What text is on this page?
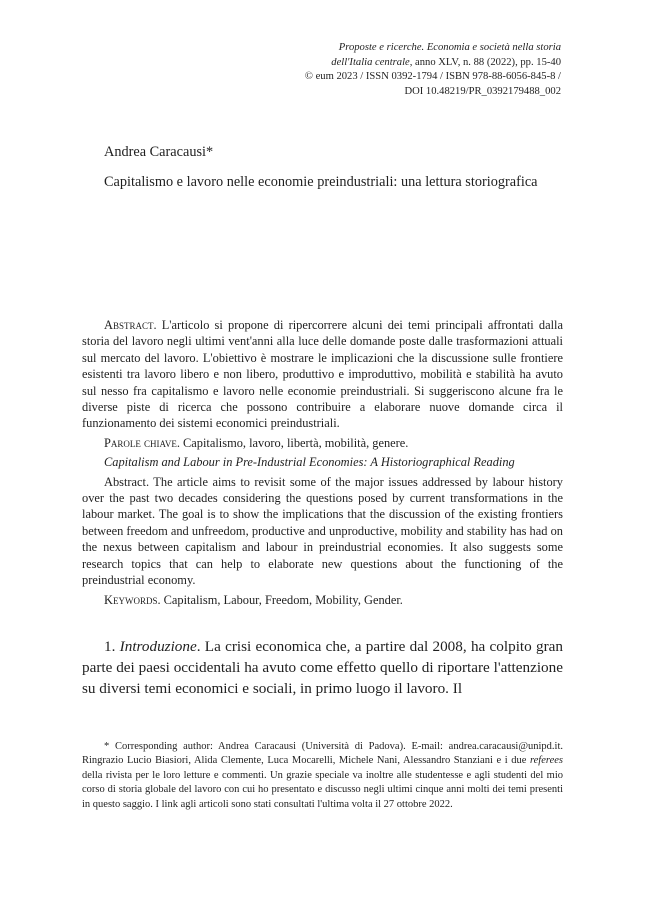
Proposte e ricerche. Economia e società nella storia
dell'Italia centrale, anno XLV, n. 88 (2022), pp. 15-40
© eum 2023 / ISSN 0392-1794 / ISBN 978-88-6056-845-8 /
DOI 10.48219/PR_0392179488_002
Andrea Caracausi*
Capitalismo e lavoro nelle economie preindustriali: una lettura storiografica

Abstract. L'articolo si propone di ripercorrere alcuni dei temi principali affrontati dalla storia del lavoro negli ultimi vent'anni alla luce delle domande poste dalle trasformazioni attuali sul mercato del lavoro. L'obiettivo è mostrare le implicazioni che la discussione sulle frontiere esistenti tra lavoro libero e non libero, produttivo e improduttivo, mobilità e stabilità ha avuto sul nesso fra capitalismo e lavoro nelle economie preindustriali. Si suggeriscono alcune fra le diverse piste di ricerca che possono contribuire a elaborare nuove domande circa il funzionamento dei sistemi economici preindustriali.

Parole chiave. Capitalismo, lavoro, libertà, mobilità, genere.

Capitalism and Labour in Pre-Industrial Economies: A Historiographical Reading

Abstract. The article aims to revisit some of the major issues addressed by labour history over the past two decades considering the questions posed by current transformations in the labour market. The goal is to show the implications that the discussion of the existing frontiers between freedom and unfreedom, productive and unproductive, mobility and stability has had on the nexus between capitalism and labour in preindustrial economies. It also suggests some research topics that can help to elaborate new questions about the functioning of the preindustrial economy.

Keywords. Capitalism, Labour, Freedom, Mobility, Gender.

1. Introduzione. La crisi economica che, a partire dal 2008, ha colpito gran parte dei paesi occidentali ha avuto come effetto quello di riportare l'attenzione su diversi temi economici e sociali, in primo luogo il lavoro. Il

* Corresponding author: Andrea Caracausi (Università di Padova). E-mail: andrea.caracausi@unipd.it. Ringrazio Lucio Biasiori, Alida Clemente, Luca Mocarelli, Michele Nani, Alessandro Stanziani e i due referees della rivista per le loro letture e commenti. Un grazie speciale va inoltre alle studentesse e agli studenti del mio corso di storia globale del lavoro con cui ho presentato e discusso negli ultimi cinque anni molti dei temi presenti in questo saggio. I link agli articoli sono stati consultati l'ultima volta il 27 ottobre 2022.
